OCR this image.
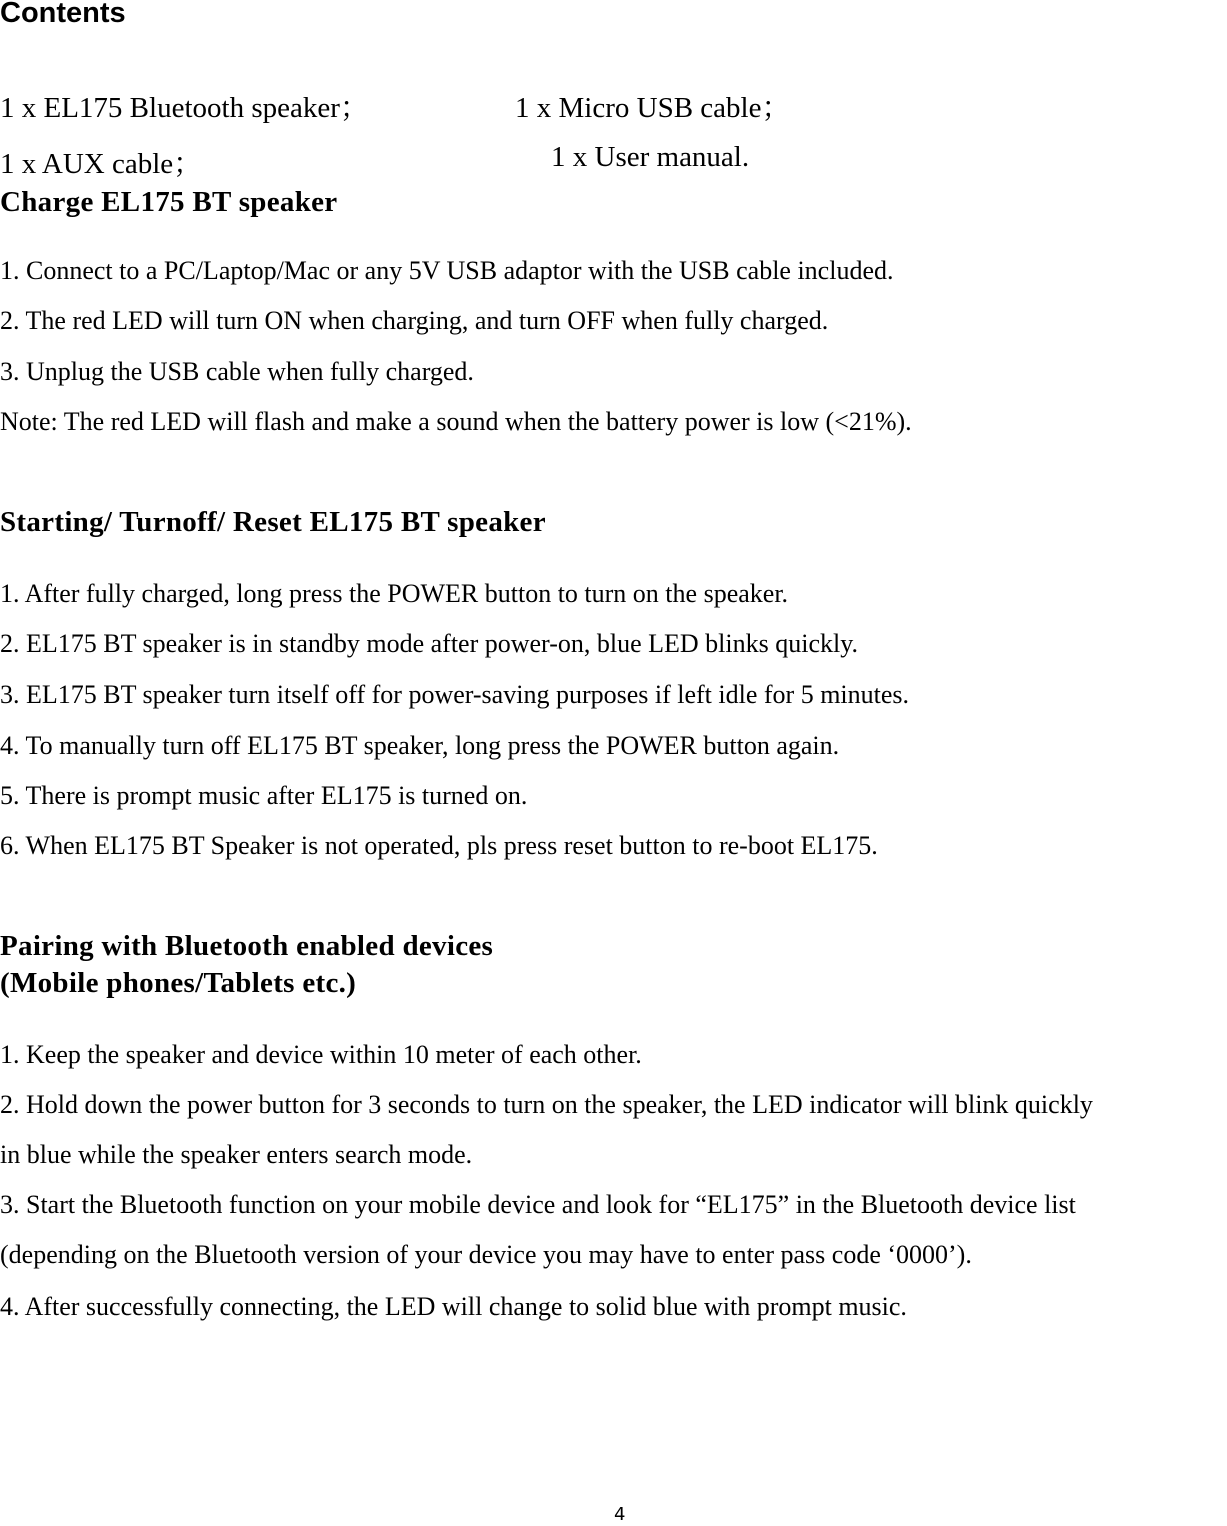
Contents
1 x EL175 Bluetooth speaker；	1 x Micro USB cable；
1 x AUX cable；	1 x User manual.
Charge EL175 BT speaker
1. Connect to a PC/Laptop/Mac or any 5V USB adaptor with the USB cable included.
2. The red LED will turn ON when charging, and turn OFF when fully charged.
3. Unplug the USB cable when fully charged.
Note: The red LED will flash and make a sound when the battery power is low (<21%).
Starting/ Turnoff/ Reset EL175 BT speaker
1. After fully charged, long press the POWER button to turn on the speaker.
2. EL175 BT speaker is in standby mode after power-on, blue LED blinks quickly.
3. EL175 BT speaker turn itself off for power-saving purposes if left idle for 5 minutes.
4. To manually turn off EL175 BT speaker, long press the POWER button again.
5. There is prompt music after EL175 is turned on.
6. When EL175 BT Speaker is not operated, pls press reset button to re-boot EL175.
Pairing with Bluetooth enabled devices
(Mobile phones/Tablets etc.)
1. Keep the speaker and device within 10 meter of each other.
2. Hold down the power button for 3 seconds to turn on the speaker, the LED indicator will blink quickly
in blue while the speaker enters search mode.
3. Start the Bluetooth function on your mobile device and look for “EL175” in the Bluetooth device list
(depending on the Bluetooth version of your device you may have to enter pass code ‘0000’).
4. After successfully connecting, the LED will change to solid blue with prompt music.
4
